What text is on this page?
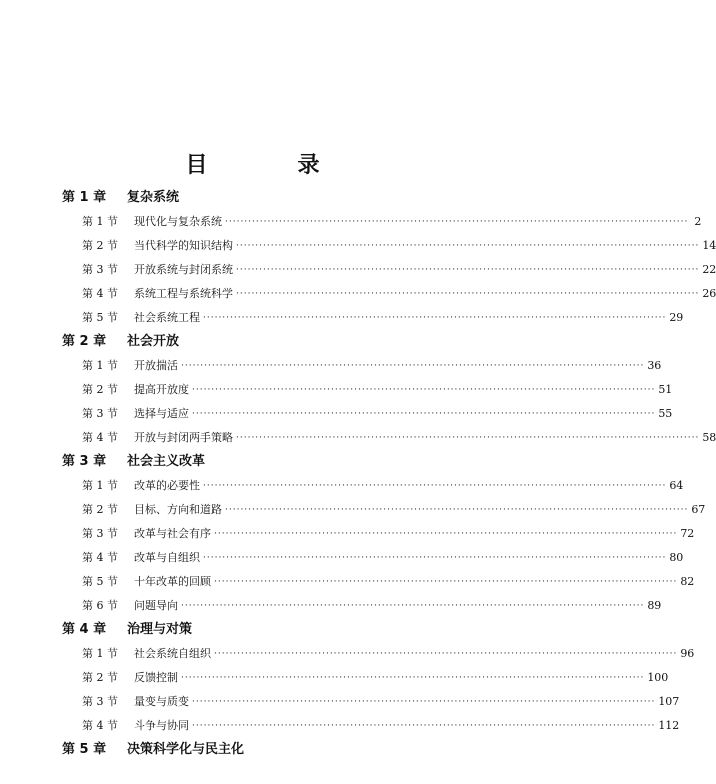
目　录
第 1 章 复杂系统
第 1 节	现代化与复杂系统 ························································································································ 2
第 2 节	当代科学的知识结构 ························································································································ 14
第 3 节	开放系统与封闭系统 ························································································································ 22
第 4 节	系统工程与系统科学 ························································································································ 26
第 5 节	社会系统工程 ························································································································ 29
第 2 章 社会开放
第 1 节	开放揣活 ························································································································ 36
第 2 节	提高开放度 ························································································································ 51
第 3 节	选择与适应 ························································································································ 55
第 4 节	开放与封闭两手策略 ························································································································ 58
第 3 章 社会主义改革
第 1 节	改革的必要性 ························································································································ 64
第 2 节	目标、方向和道路 ························································································································ 67
第 3 节	改革与社会有序 ························································································································ 72
第 4 节	改革与自组织 ························································································································ 80
第 5 节	十年改革的回顾 ························································································································ 82
第 6 节	问题导向 ························································································································ 89
第 4 章 治理与对策
第 1 节	社会系统自组织 ························································································································ 96
第 2 节	反馈控制 ························································································································ 100
第 3 节	量变与质变 ························································································································ 107
第 4 节	斗争与协同 ························································································································ 112
第 5 章 决策科学化与民主化
